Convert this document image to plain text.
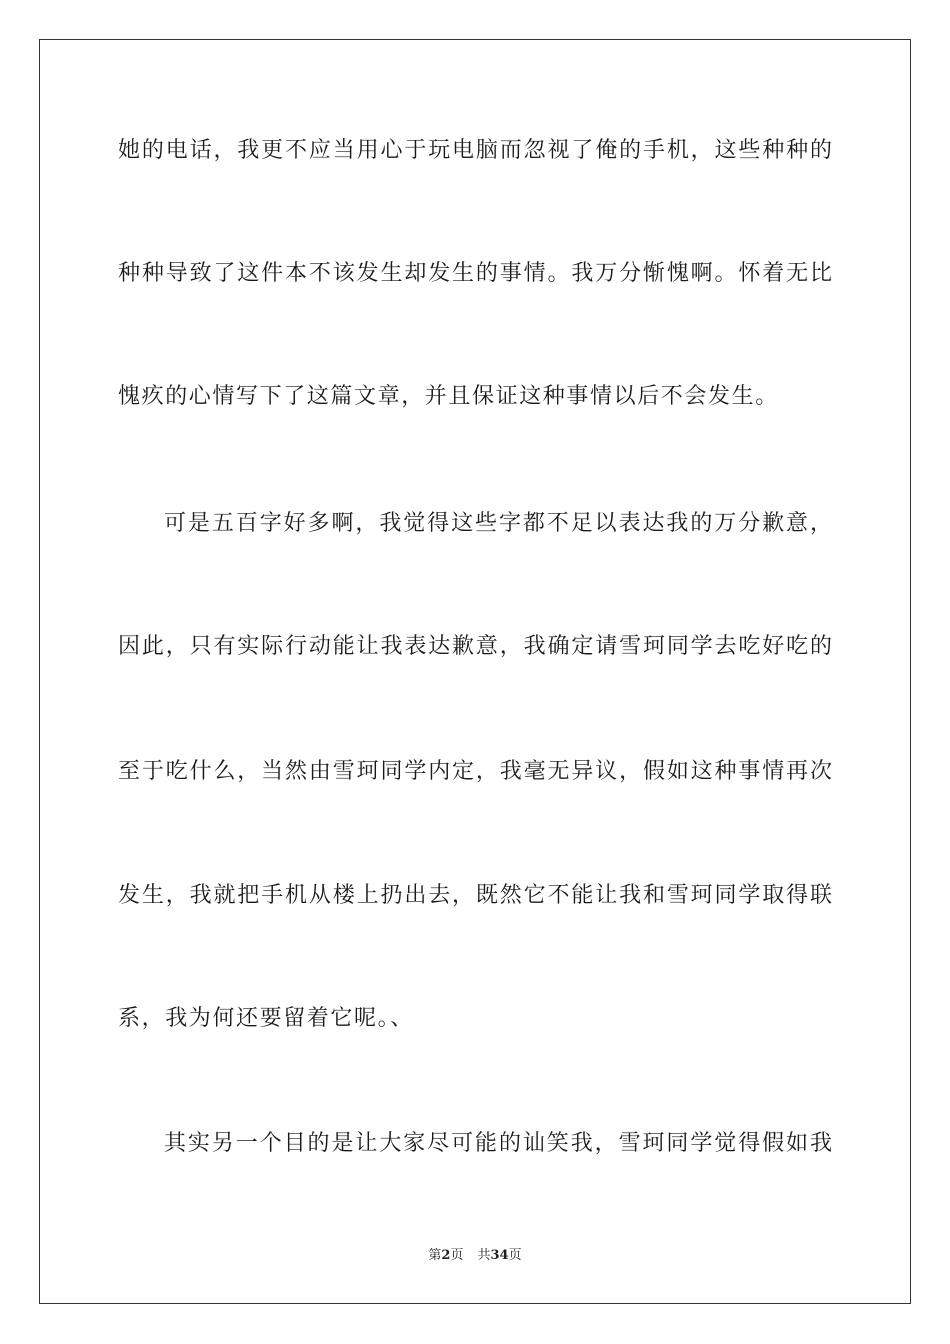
她的电话，我更不应当用心于玩电脑而忽视了俺的手机，这些种种的
种种导致了这件本不该发生却发生的事情。我万分惭愧啊。怀着无比
愧疚的心情写下了这篇文章，并且保证这种事情以后不会发生。
可是五百字好多啊，我觉得这些字都不足以表达我的万分歉意，
因此，只有实际行动能让我表达歉意，我确定请雪珂同学去吃好吃的
至于吃什么，当然由雪珂同学内定，我毫无异议，假如这种事情再次
发生，我就把手机从楼上扔出去，既然它不能让我和雪珂同学取得联
系，我为何还要留着它呢。、
其实另一个目的是让大家尽可能的讪笑我，雪珂同学觉得假如我
第2页 共34页
